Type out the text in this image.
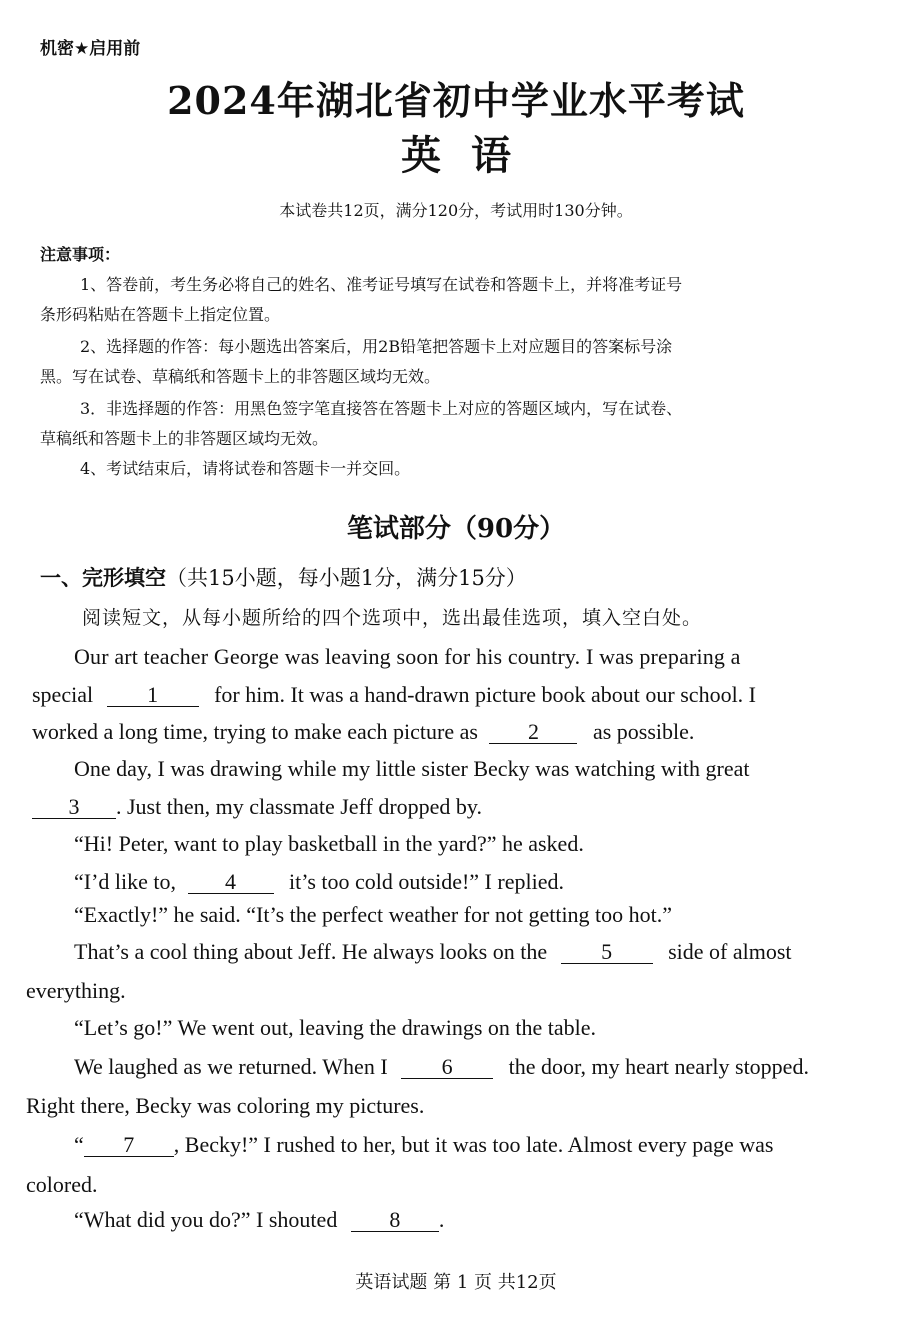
机密★启用前
2024年湖北省初中学业水平考试
英语
本试卷共12页，满分120分，考试用时130分钟。
注意事项：
1、答卷前，考生务必将自己的姓名、准考证号填写在试卷和答题卡上，并将准考证号
条形码粘贴在答题卡上指定位置。
2、选择题的作答：每小题选出答案后，用2B铅笔把答题卡上对应题目的答案标号涂
黑。写在试卷、草稿纸和答题卡上的非答题区域均无效。
3．非选择题的作答：用黑色签字笔直接答在答题卡上对应的答题区域内，写在试卷、
草稿纸和答题卡上的非答题区域均无效。
4、考试结束后，请将试卷和答题卡一并交回。
笔试部分（90分）
一、完形填空（共15小题，每小题1分，满分15分）
阅读短文，从每小题所给的四个选项中，选出最佳选项，填入空白处。
Our art teacher George was leaving soon for his country. I was preparing a
special 1	for him. It was a hand-drawn picture book about our school. I
worked a long time, trying to make each picture as 2 as possible.
One day, I was drawing while my little sister Becky was watching with great
3 . Just then, my classmate Jeff dropped by.
“Hi! Peter, want to play basketball in the yard?” he asked.
“I’d like to, 4 it’s too cold outside!” I replied.
“Exactly!” he said. “It’s the perfect weather for not getting too hot.”
That’s a cool thing about Jeff. He always looks on the 5	side of almost
everything.
“Let’s go!” We went out, leaving the drawings on the table.
We laughed as we returned. When I 6	the door, my heart nearly stopped.
Right there, Becky was coloring my pictures.
“ 7 , Becky!” I rushed to her, but it was too late. Almost every page was
colored.
“What did you do?” I shouted 8 .
英语试题 第 1 页 共12页
